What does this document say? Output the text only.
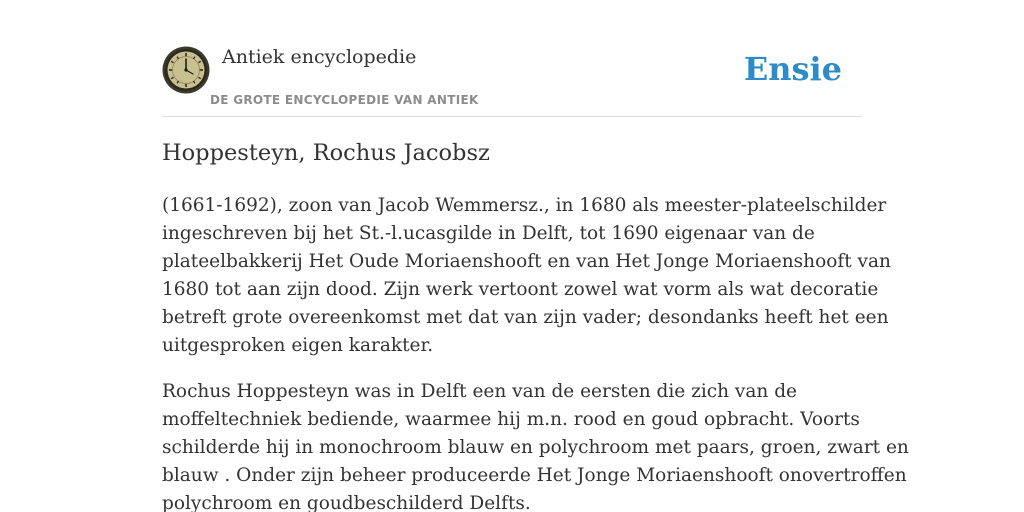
Antiek encyclopedie
DE GROTE ENCYCLOPEDIE VAN ANTIEK
Ensie
Hoppesteyn, Rochus Jacobsz

(1661-1692), zoon van Jacob Wemmersz., in 1680 als meester-plateelschilder
ingeschreven bij het St.-l.ucasgilde in Delft, tot 1690 eigenaar van de
plateelbakkerij Het Oude Moriaenshooft en van Het Jonge Moriaenshooft van
1680 tot aan zijn dood. Zijn werk vertoont zowel wat vorm als wat decoratie
betreft grote overeenkomst met dat van zijn vader; desondanks heeft het een
uitgesproken eigen karakter.

Rochus Hoppesteyn was in Delft een van de eersten die zich van de
moffeltechniek bediende, waarmee hij m.n. rood en goud opbracht. Voorts
schilderde hij in monochroom blauw en polychroom met paars, groen, zwart en
blauw . Onder zijn beheer produceerde Het Jonge Moriaenshooft onovertroffen
polychroom en goudbeschilderd Delfts.
